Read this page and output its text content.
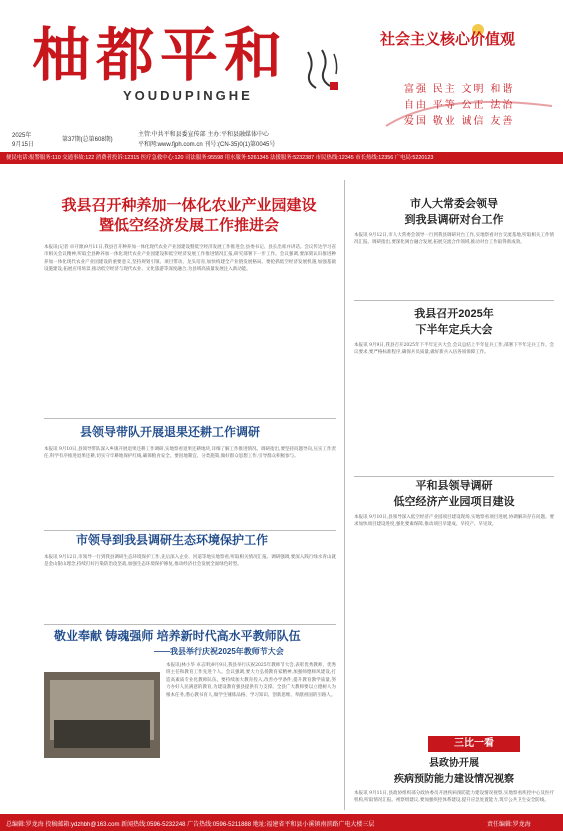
柚都平和
YOUDUPINGHE
社会主义核心价值观
富强 民主 文明 和谐
自由 平等 公正 法治
爱国 敬业 诚信 友善
2025年
9月15日
第37期(总第608期)
主管:中共平和县委宣传部 主办:平和县融媒体中心
平和网:www.fjph.com.cn 刊号:(CN-35)0(1)第0045号
便民电话:报警服务:110 交通事故:122 消费者投诉:12315 医疗急救中心:120 司法服务:95598 用水服务:5261345 法援服务:5232387 市民热线:12345 市长热线:12356 广电局:5220123
我县召开种养加一体化农业产业园建设
暨低空经济发展工作推进会
本报讯(记者 卓开源)9月11日,我县召开种养加一体化现代农业产业园建设暨低空经济发展工作推进会,县委书记、县长出席并讲话。会议传达学习省市相关会议精神,听取全县种养加一体化现代农业产业园建设和低空经济发展工作推进情况汇报,研究部署下一步工作。会议强调,要深刻认识推进种养加一体化现代农业产业园建设的重要意义,坚持规划引领、项目带动、龙头培育,加快构建全产业链发展格局。要抢抓低空经济发展机遇,加强基础设施建设,拓展应用场景,推动低空经济与现代农业、文化旅游等深度融合,为县域高质量发展注入新动能。
县领导带队开展退果还耕工作调研
本报讯 9月10日,县领导带队深入乡镇开展退果还耕工作调研,实地察看退果还耕地块,详细了解工作推进情况。调研指出,要坚持问题导向,压实工作责任,科学有序推进退果还耕,切实守牢耕地保护红线,确保粮食安全。要因地制宜、分类施策,做好群众思想工作,引导群众积极参与。
市领导到我县调研生态环境保护工作
本报讯 9月12日,市领导一行到我县调研生态环境保护工作,先后深入企业、河道等地实地察看,听取相关情况汇报。调研强调,要深入践行绿水青山就是金山银山理念,持续打好污染防治攻坚战,加强生态环境保护修复,推动经济社会发展全面绿色转型。
敬业奉献 铸魂强师 培养新时代高水平教师队伍
——我县举行庆祝2025年教师节大会
本报讯(林小华 卓志明)9月9日,我县举行庆祝2025年教师节大会,表彰优秀教师、优秀班主任和教育工作先进个人。会议强调,要大力弘扬教育家精神,加强师德师风建设,打造高素质专业化教师队伍。要持续加大教育投入,改善办学条件,提升教育教学质量,努力办好人民满意的教育,为建设教育强县提供有力支撑。全县广大教师要以立德树人为根本任务,潜心教书育人,做学生锤炼品格、学习知识、创新思维、奉献祖国的引路人。
市人大常委会领导
到我县调研对台工作
本报讯 9月12日,市人大常委会领导一行到我县调研对台工作,实地察看对台交流基地,听取相关工作情况汇报。调研指出,要深化闽台融合发展,拓展交流合作领域,推动对台工作取得新成效。
我县召开2025年
下半年定兵大会
本报讯 9月9日,我县召开2025年下半年定兵大会,会议总结上半年征兵工作,部署下半年定兵工作。会议要求,要严格标准程序,确保兵员质量,做好新兵入伍各项保障工作。
平和县领导调研
低空经济产业园项目建设
本报讯 9月10日,县领导深入低空经济产业园项目建设现场,实地察看项目进展,协调解决存在问题。要求加快项目建设进度,强化要素保障,推动项目早建成、早投产、早见效。
三比一看
县政协开展
疾病预防能力建设情况视察
本报讯 9月11日,县政协组织部分政协委员开展疾病预防能力建设情况视察,实地察看疾控中心及医疗机构,听取情况汇报。视察组建议,要加强疾控体系建设,提升应急处置能力,筑牢公共卫生安全防线。
总编辑:罗龙海 投稿邮箱:ydzhbh@163.com 新闻热线:0596-5232248 广告热线:0596-5211888 地址:福建省平和县小溪镇南滨路广电大楼三层	责任编辑:罗龙海
